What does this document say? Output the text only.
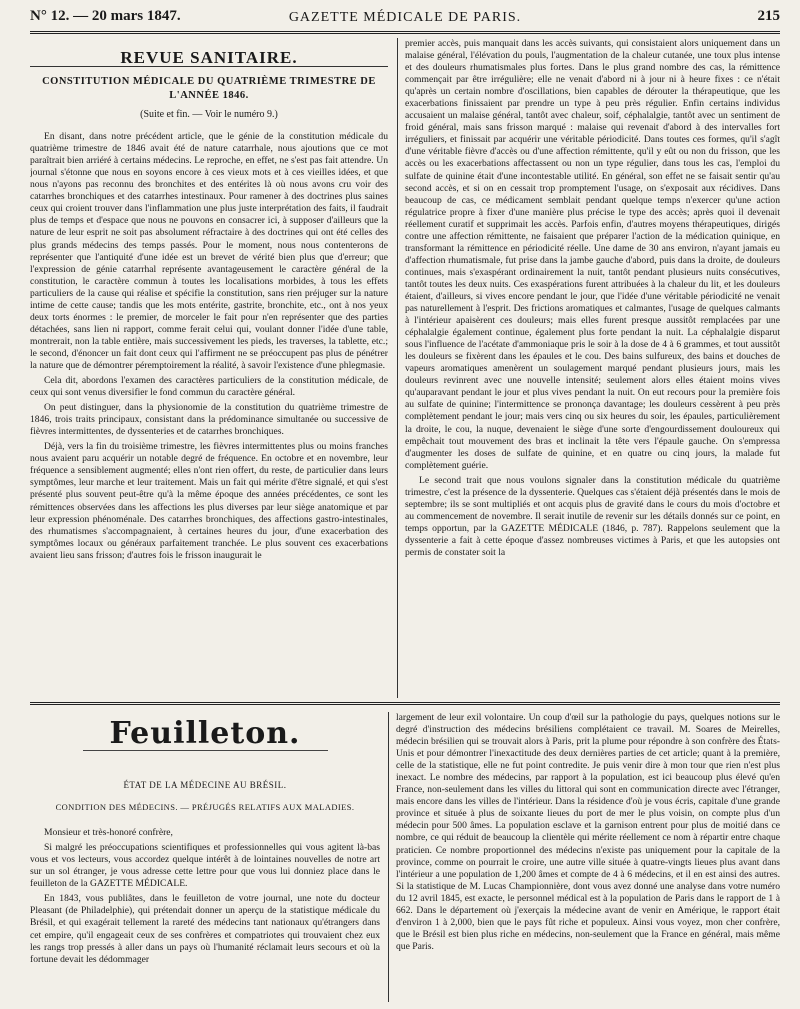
N° 12. — 20 mars 1847.	GAZETTE MÉDICALE DE PARIS.	215
REVUE SANITAIRE.
CONSTITUTION MÉDICALE DU QUATRIÈME TRIMESTRE DE L'ANNÉE 1846.
(Suite et fin. — Voir le numéro 9.)

En disant, dans notre précédent article, que le génie de la constitution médicale du quatrième trimestre de 1846 avait été de nature catarrhale, nous ajoutions que ce mot paraîtrait bien arriéré à certains médecins. Le reproche, en effet, ne s'est pas fait attendre. Un journal s'étonne que nous en soyons encore à ces vieux mots et à ces vieilles idées, et que nous n'ayons pas reconnu des bronchites et des entérites là où nous avons cru voir des catarrhes bronchiques et des catarrhes intestinaux. Pour ramener à des doctrines plus saines ceux qui croient trouver dans l'inflammation une plus juste interprétation des faits, il faudrait plus de temps et d'espace que nous ne pouvons en consacrer ici, à supposer d'ailleurs que la nature de leur esprit ne soit pas absolument réfractaire à des doctrines qui ont été celles des plus grands médecins des temps passés. Pour le moment, nous nous contenterons de représenter que l'antiquité d'une idée est un brevet de vérité bien plus que d'erreur; que l'expression de génie catarrhal représente avantageusement le caractère général de la constitution, le caractère commun à toutes les localisations morbides, à tous les effets particuliers de la cause qui réalise et spécifie la constitution, sans rien préjuger sur la nature intime de cette cause; tandis que les mots entérite, gastrite, bronchite, etc., ont à nos yeux deux torts énormes : le premier, de morceler le fait pour n'en représenter que des parties détachées, sans lien ni rapport, comme ferait celui qui, voulant donner l'idée d'une table, montrerait, non la table entière, mais successivement les pieds, les traverses, la tablette, etc.; le second, d'énoncer un fait dont ceux qui l'affirment ne se préoccupent pas plus de pénétrer la nature que de démontrer péremptoirement la réalité, à savoir l'existence d'une phlegmasie.

Cela dit, abordons l'examen des caractères particuliers de la constitution médicale, de ceux qui sont venus diversifier le fond commun du caractère général.

On peut distinguer, dans la physionomie de la constitution du quatrième trimestre de 1846, trois traits principaux, consistant dans la prédominance simultanée ou successive de fièvres intermittentes, de dyssenteries et de catarrhes bronchiques.

Déjà, vers la fin du troisième trimestre, les fièvres intermittentes plus ou moins franches nous avaient paru acquérir un notable degré de fréquence. En octobre et en novembre, leur fréquence a sensiblement augmenté; elles n'ont rien offert, du reste, de particulier dans leurs symptômes, leur marche et leur traitement. Mais un fait qui mérite d'être signalé, et qui s'est présenté plus souvent peut-être qu'à la même époque des années précédentes, ce sont les rémittences observées dans les affections les plus diverses par leur siège anatomique et par leur expression phénoménale. Des catarrhes bronchiques, des affections gastro-intestinales, des rhumatismes s'accompagnaient, à certaines heures du jour, d'une exacerbation des symptômes locaux ou généraux parfaitement tranchée. Le plus souvent ces exacerbations avaient lieu sans frisson; d'autres fois le frisson inaugurait le

premier accès, puis manquait dans les accès suivants, qui consistaient alors uniquement dans un malaise général, l'élévation du pouls, l'augmentation de la chaleur cutanée, une toux plus intense et des douleurs rhumatismales plus fortes. Dans le plus grand nombre des cas, la rémittence commençait par être irrégulière; elle ne venait d'abord ni à jour ni à heure fixes : ce n'était qu'après un certain nombre d'oscillations, bien capables de dérouter la thérapeutique, que les exacerbations finissaient par prendre un type à peu près régulier. Enfin certains individus accusaient un malaise général, tantôt avec chaleur, soif, céphalalgie, tantôt avec un sentiment de froid général, mais sans frisson marqué : malaise qui revenait d'abord à des intervalles fort irréguliers, et finissait par acquérir une véritable périodicité. Dans toutes ces formes, qu'il s'agît d'une véritable fièvre d'accès ou d'une affection rémittente, qu'il y eût ou non du frisson, que les accès ou les exacerbations affectassent ou non un type régulier, dans tous les cas, l'emploi du sulfate de quinine était d'une incontestable utilité. En général, son effet ne se faisait sentir qu'au second accès, et si on en cessait trop promptement l'usage, on s'exposait aux récidives. Dans beaucoup de cas, ce médicament semblait pendant quelque temps n'exercer qu'une action régulatrice propre à fixer d'une manière plus précise le type des accès; après quoi il devenait réellement curatif et supprimait les accès. Parfois enfin, d'autres moyens thérapeutiques, dirigés contre une affection rémittente, ne faisaient que préparer l'action de la médication quinique, en transformant la rémittence en périodicité réelle. Une dame de 30 ans environ, n'ayant jamais eu d'affection rhumatismale, fut prise dans la jambe gauche d'abord, puis dans la droite, de douleurs continues, mais s'exaspérant ordinairement la nuit, tantôt pendant plusieurs nuits consécutives, tantôt toutes les deux nuits. Ces exaspérations furent attribuées à la chaleur du lit, et les douleurs étaient, d'ailleurs, si vives encore pendant le jour, que l'idée d'une véritable périodicité ne venait pas naturellement à l'esprit. Des frictions aromatiques et calmantes, l'usage de quelques calmants à l'intérieur apaisèrent ces douleurs; mais elles furent presque aussitôt remplacées par une céphalalgie également continue, également plus forte pendant la nuit. La céphalalgie disparut sous l'influence de l'acétate d'ammoniaque pris le soir à la dose de 4 à 6 grammes, et tout aussitôt les douleurs se fixèrent dans les épaules et le cou. Des bains sulfureux, des bains et douches de vapeurs aromatiques amenèrent un soulagement marqué pendant plusieurs jours, mais les douleurs revinrent avec une nouvelle intensité; seulement alors elles étaient moins vives qu'auparavant pendant le jour et plus vives pendant la nuit. On eut recours pour la première fois au sulfate de quinine; l'intermittence se prononça davantage; les douleurs cessèrent à peu près complètement pendant le jour; mais vers cinq ou six heures du soir, les épaules, particulièrement la droite, le cou, la nuque, devenaient le siège d'une sorte d'engourdissement douloureux qui empêchait tout mouvement des bras et inclinait la tête vers l'épaule gauche. On s'empressa d'augmenter les doses de sulfate de quinine, et en quatre ou cinq jours, la malade fut complètement guérie.

Le second trait que nous voulons signaler dans la constitution médicale du quatrième trimestre, c'est la présence de la dyssenterie. Quelques cas s'étaient déjà présentés dans le mois de septembre; ils se sont multipliés et ont acquis plus de gravité dans le cours du mois d'octobre et au commencement de novembre. Il serait inutile de revenir sur les détails donnés sur ce point, en temps opportun, par la GAZETTE MÉDICALE (1846, p. 787). Rappelons seulement que la dyssenterie a fait à cette époque d'assez nombreuses victimes à Paris, et que les autopsies ont permis de constater soit la

Feuilleton.
ÉTAT DE LA MÉDECINE AU BRÉSIL.
CONDITION DES MÉDECINS. — PRÉJUGÉS RELATIFS AUX MALADIES.

Monsieur et très-honoré confrère,

Si malgré les préoccupations scientifiques et professionnelles qui vous agitent là-bas vous et vos lecteurs, vous accordez quelque intérêt à de lointaines nouvelles de notre art sur un sol étranger, je vous adresse cette lettre pour que vous lui donniez place dans le feuilleton de la GAZETTE MÉDICALE.

En 1843, vous publiâtes, dans le feuilleton de votre journal, une note du docteur Pleasant (de Philadelphie), qui prétendait donner un aperçu de la statistique médicale du Brésil, et qui exagérait tellement la rareté des médecins tant nationaux qu'étrangers dans cet empire, qu'il engageait ceux de ses confrères et compatriotes qui trouvaient chez eux les rangs trop pressés à aller dans un pays où l'humanité réclamait leurs secours et où la fortune devait les dédommager

largement de leur exil volontaire. Un coup d'œil sur la pathologie du pays, quelques notions sur le degré d'instruction des médecins brésiliens complétaient ce travail. M. Soares de Meirelles, médecin brésilien qui se trouvait alors à Paris, prit la plume pour répondre à son confrère des États-Unis et pour démontrer l'inexactitude des deux dernières parties de cet article; quant à la première, celle de la statistique, elle ne fut point contredite. Je puis venir dire à mon tour que rien n'est plus inexact. Le nombre des médecins, par rapport à la population, est ici beaucoup plus élevé qu'en France, non-seulement dans les villes du littoral qui sont en communication directe avec l'étranger, mais encore dans les villes de l'intérieur. Dans la résidence d'où je vous écris, capitale d'une grande province et située à plus de soixante lieues du port de mer le plus voisin, on compte plus d'un médecin pour 500 âmes. La population esclave et la garnison entrent pour plus de moitié dans ce nombre, ce qui réduit de beaucoup la clientèle qui mérite réellement ce nom à répartir entre chaque praticien. Ce nombre proportionnel des médecins n'existe pas uniquement pour la capitale de la province, comme on pourrait le croire, une autre ville située à quatre-vingts lieues plus avant dans l'intérieur a une population de 1,200 âmes et compte de 4 à 6 médecins, et il en est ainsi des autres. Si la statistique de M. Lucas Championnière, dont vous avez donné une analyse dans votre numéro du 12 avril 1845, est exacte, le personnel médical est à la population de Paris dans le rapport de 1 à 662. Dans le département où j'exerçais la médecine avant de venir en Amérique, le rapport était d'environ 1 à 2,000, bien que le pays fût riche et populeux. Ainsi vous voyez, mon cher confrère, que le Brésil est bien plus riche en médecins, non-seulement que la France en général, mais même que Paris.
